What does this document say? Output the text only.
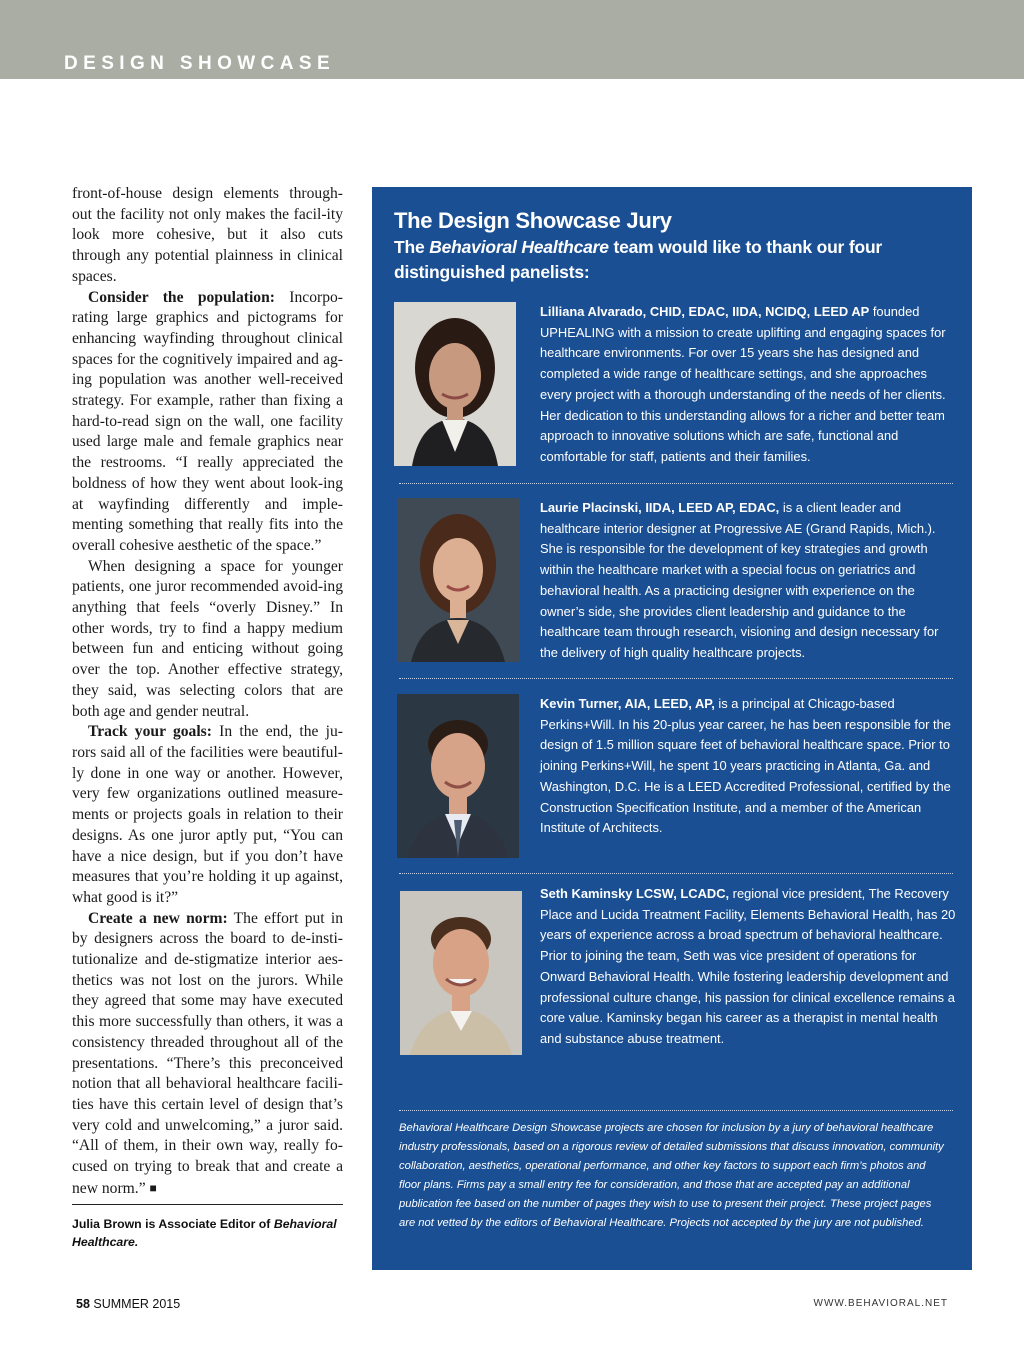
DESIGN SHOWCASE

front-of-house design elements through-out the facility not only makes the facil-ity look more cohesive, but it also cuts through any potential plainness in clinical spaces.

Consider the population: Incorpo-rating large graphics and pictograms for enhancing wayfinding throughout clinical spaces for the cognitively impaired and ag-ing population was another well-received strategy. For example, rather than fixing a hard-to-read sign on the wall, one facility used large male and female graphics near the restrooms. “I really appreciated the boldness of how they went about look-ing at wayfinding differently and imple-menting something that really fits into the overall cohesive aesthetic of the space.”

When designing a space for younger patients, one juror recommended avoid-ing anything that feels “overly Disney.” In other words, try to find a happy medium between fun and enticing without going over the top. Another effective strategy, they said, was selecting colors that are both age and gender neutral.

Track your goals: In the end, the ju-rors said all of the facilities were beautiful-ly done in one way or another. However, very few organizations outlined measure-ments or projects goals in relation to their designs. As one juror aptly put, “You can have a nice design, but if you don’t have measures that you’re holding it up against, what good is it?”

Create a new norm: The effort put in by designers across the board to de-insti-tutionalize and de-stigmatize interior aes-thetics was not lost on the jurors. While they agreed that some may have executed this more successfully than others, it was a consistency threaded throughout all of the presentations. “There’s this preconceived notion that all behavioral healthcare facili-ties have this certain level of design that’s very cold and unwelcoming,” a juror said. “All of them, in their own way, really fo-cused on trying to break that and create a new norm.” ■

Julia Brown is Associate Editor of Behavioral Healthcare.

The Design Showcase Jury

The Behavioral Healthcare team would like to thank our four distinguished panelists:

Lilliana Alvarado, CHID, EDAC, IIDA, NCIDQ, LEED AP founded UPHEALING with a mission to create uplifting and engaging spaces for healthcare environments. For over 15 years she has designed and completed a wide range of healthcare settings, and she approaches every project with a thorough understanding of the needs of her clients. Her dedication to this understanding allows for a richer and better team approach to innovative solutions which are safe, functional and comfortable for staff, patients and their families.

Laurie Placinski, IIDA, LEED AP, EDAC, is a client leader and healthcare interior designer at Progressive AE (Grand Rapids, Mich.). She is responsible for the development of key strategies and growth within the healthcare market with a special focus on geriatrics and behavioral health. As a practicing designer with experience on the owner’s side, she provides client leadership and guidance to the healthcare team through research, visioning and design necessary for the delivery of high quality healthcare projects.

Kevin Turner, AIA, LEED, AP, is a principal at Chicago-based Perkins+Will. In his 20-plus year career, he has been responsible for the design of 1.5 million square feet of behavioral healthcare space. Prior to joining Perkins+Will, he spent 10 years practicing in Atlanta, Ga. and Washington, D.C. He is a LEED Accredited Professional, certified by the Construction Specification Institute, and a member of the American Institute of Architects.

Seth Kaminsky LCSW, LCADC, regional vice president, The Recovery Place and Lucida Treatment Facility, Elements Behavioral Health, has 20 years of experience across a broad spectrum of behavioral healthcare. Prior to joining the team, Seth was vice president of operations for Onward Behavioral Health. While fostering leadership development and professional culture change, his passion for clinical excellence remains a core value. Kaminsky began his career as a therapist in mental health and substance abuse treatment.

Behavioral Healthcare Design Showcase projects are chosen for inclusion by a jury of behavioral healthcare industry professionals, based on a rigorous review of detailed submissions that discuss innovation, community collaboration, aesthetics, operational performance, and other key factors to support each firm’s photos and floor plans. Firms pay a small entry fee for consideration, and those that are accepted pay an additional publication fee based on the number of pages they wish to use to present their project. These project pages are not vetted by the editors of Behavioral Healthcare. Projects not accepted by the jury are not published.

58 SUMMER 2015	WWW.BEHAVIORAL.NET
